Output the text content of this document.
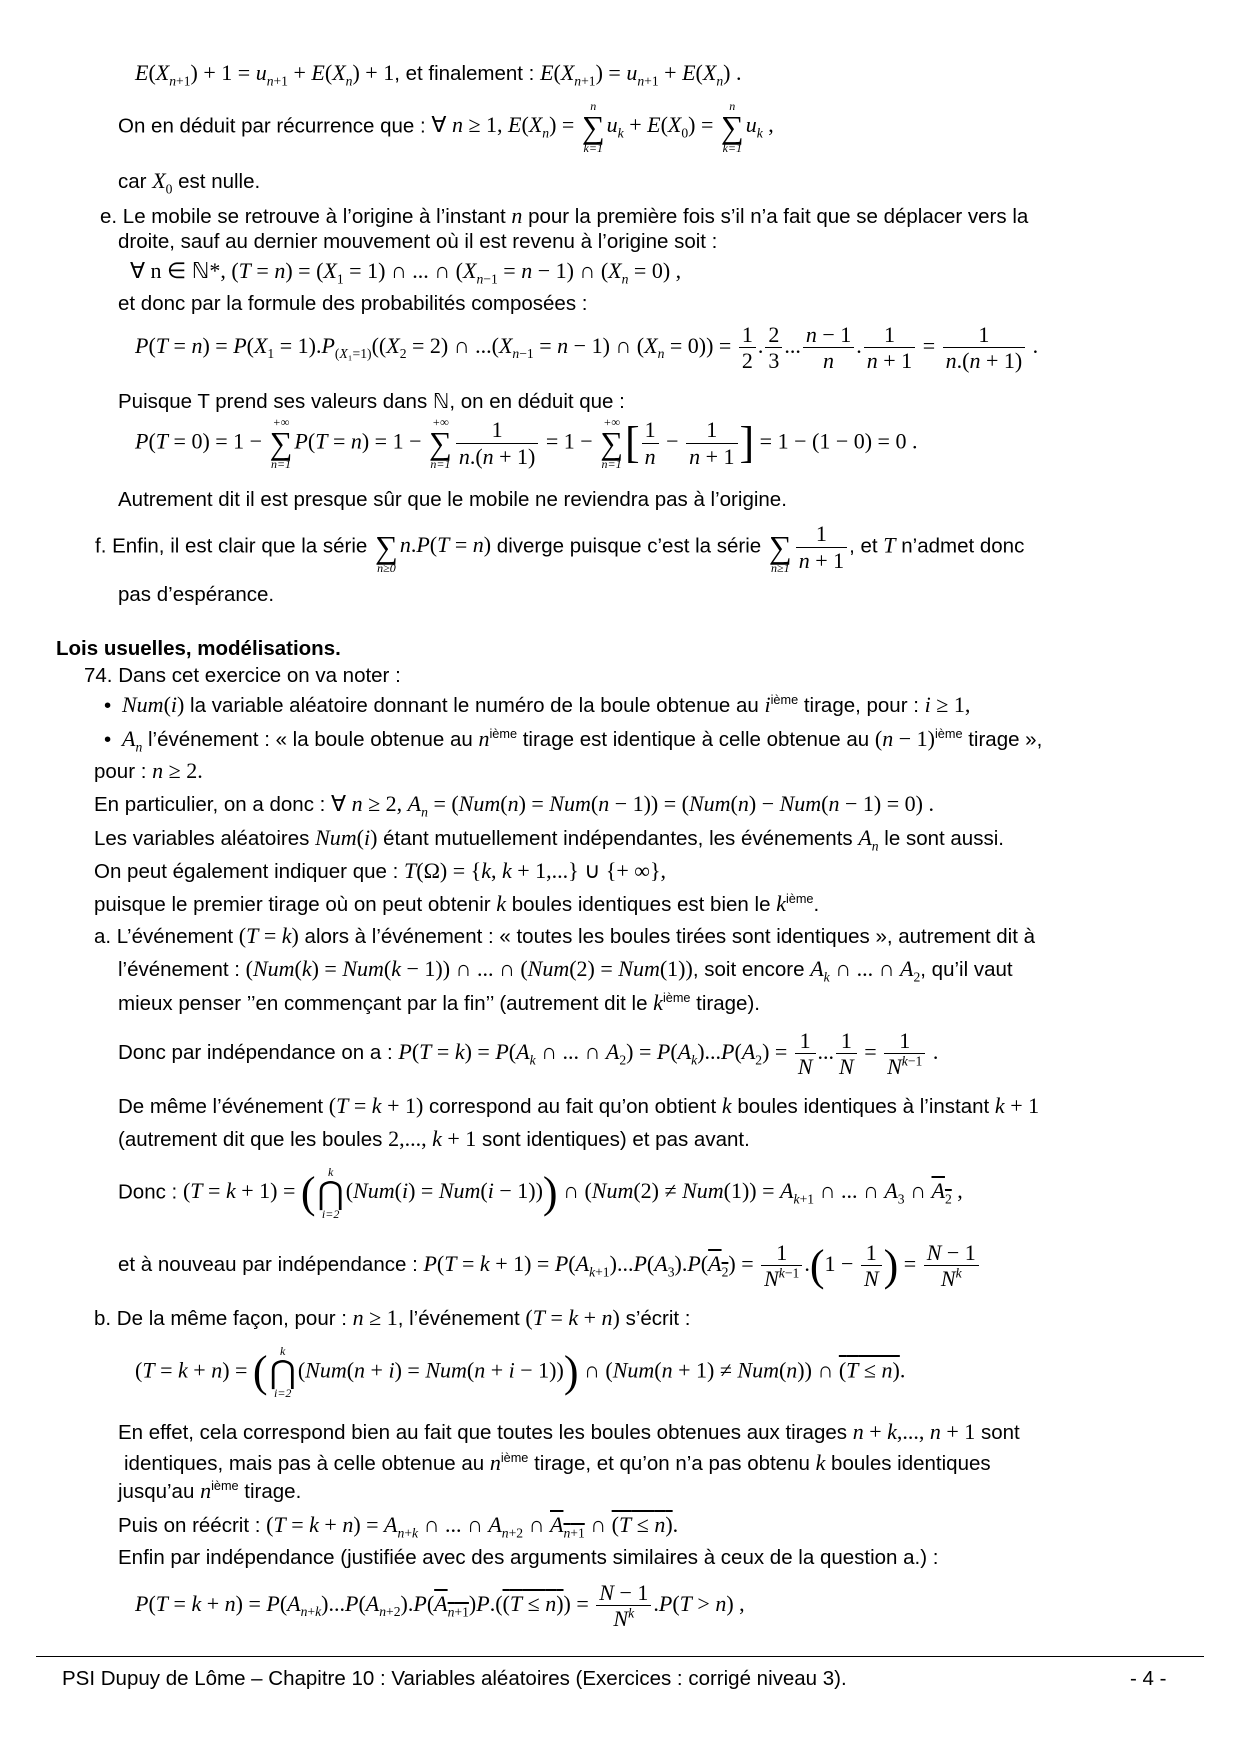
$E(X_{n+1}) + 1 = u_{n+1} + E(X_n) + 1$, et finalement : $E(X_{n+1}) = u_{n+1} + E(X_n)$ .
On en déduit par récurrence que : ∀ n ≥ 1, $E(X_n)$ =
n
∑
k=1
$u_k + E(X_0)$ =
n
∑
k=1
$u_k$ ,
car $X_0$ est nulle.
e. Le mobile se retrouve à l’origine à l’instant n pour la première fois s’il n’a fait que se déplacer vers la
droite, sauf au dernier mouvement où il est revenu à l’origine soit :
∀ n ∈ ℕ*, $(T = n) = (X_1 = 1)$ ∩ ... ∩ $(X_{n-1} = n - 1)$ ∩ $(X_n = 0)$ ,
et donc par la formule des probabilités composées :
$P(T = n) = P(X_1 = 1).P_{(X_1=1)}((X_2 = 2)$ ∩ $...(X_{n-1} = n - 1)$ ∩ $(X_n = 0)) = \frac{1}{2}$ . $\frac{2}{3}$ ... $\frac{n - 1}{n}$ . $\frac{1}{n + 1} = \frac{1}{n.(n + 1)}$ .
Puisque T prend ses valeurs dans ℕ, on en déduit que :
P(T = 0) = 1 −
+∞
∑
n=1
P(T = n) = 1 −
+∞
∑
$n=1 \frac{1}{n.(n + 1)} = 1$ −
+∞
∑
n=1 [ $\frac{1}{n} - \frac{1}{n + 1}$ ] = 1 − (1 − 0) = 0 .
Autrement dit il est presque sûr que le mobile ne reviendra pas à l’origine.
f. Enfin, il est clair que la série
∑
n≥0
n.P(T = n) diverge puisque c’est la série
∑
$n\ge 1 \frac{1}{n + 1}$ , et T n’admet donc
pas d’espérance.
Lois usuelles, modélisations.
74. Dans cet exercice on va noter :
• Num(i) la variable aléatoire donnant le numéro de la boule obtenue au $i^{ième}$ tirage, pour : i ≥ 1,
• $A_n$ l’événement : « la boule obtenue au $n^{ième}$ tirage est identique à celle obtenue au $(n - 1)^{ième}$ tirage »,
pour : n ≥ 2.
En particulier, on a donc : ∀ n ≥ 2, $A_n = (Num(n) = Num(n - 1)) = (Num(n) - Num(n - 1) = 0)$ .
Les variables aléatoires Num(i) étant mutuellement indépendantes, les événements $A_n$ le sont aussi.
On peut également indiquer que : T(Ω) = {k, k + 1,...} ∪ {+ ∞},
puisque le premier tirage où on peut obtenir k boules identiques est bien le $k^{ième}$.
a. L’événement (T = k) alors à l’événement : « toutes les boules tirées sont identiques », autrement dit à
l’événement : (Num(k) = Num(k − 1)) ∩ ... ∩ (Num(2) = Num(1)), soit encore $A_k$ ∩ ... ∩ $A_2$, qu’il vaut
mieux penser ’’en commençant par la fin’’ (autrement dit le $k^{ième}$ tirage).
Donc par indépendance on a : $P(T = k) = P(A_k$ ∩ ... ∩ $A_2) = P(A_k)...P(A_2) = \frac{1}{N}$ ... $\frac{1}{N} = \frac{1}{N^{k-1}}$ .
De même l’événement (T = k + 1) correspond au fait qu’on obtient k boules identiques à l’instant k + 1
(autrement dit que les boules 2,..., k + 1 sont identiques) et pas avant.
Donc : (T = k + 1) = (	k
⋂
i=2
(Num(i) = Num(i − 1))) ∩ $(Num(2) \ne Num(1)) = A_{k+1}$ ∩ ... ∩ $A_3$ ∩ $A_2$ ,
et à nouveau par indépendance : $P(T = k + 1) = P(A_{k+1})...P(A_3).P(A_2) = \frac{1}{N^{k-1}} .(1 - \frac{1}{N}$ ) = $\frac{N - 1}{N^k}$
b. De la même façon, pour : n ≥ 1, l’événement (T = k + n) s’écrit :
(T = k + n) = (	k
⋂
i=2
(Num(n + i) = Num(n + i − 1))) ∩ (Num(n + 1) ≠ Num(n)) ∩ (T ≤ n).
En effet, cela correspond bien au fait que toutes les boules obtenues aux tirages n + k,..., n + 1 sont
identiques, mais pas à celle obtenue au $n^{ième}$ tirage, et qu’on n’a pas obtenu k boules identiques
jusqu’au $n^{ième}$ tirage.
Puis on réécrit : $(T = k + n) = A_{n+k}$ ∩ ... ∩ $A_{n+2}$ ∩ $A_{n+1}$ ∩ (T ≤ n).
Enfin par indépendance (justifiée avec des arguments similaires à ceux de la question a.) :
$P(T = k + n) = P(A_{n+k})...P(A_{n+2}).P(A_{n+1})P.((T \le n)) = \frac{N - 1}{N^k} .P(T > n)$ ,
PSI Dupuy de Lôme – Chapitre 10 : Variables aléatoires (Exercices : corrigé niveau 3).	- 4 -
